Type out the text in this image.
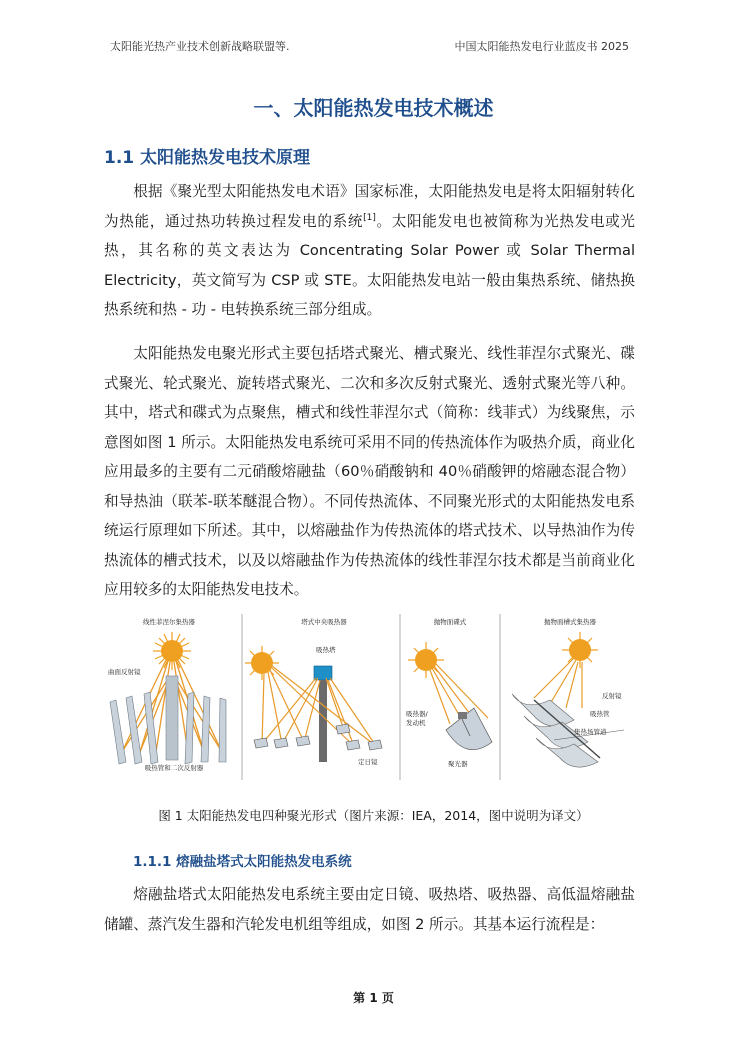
太阳能光热产业技术创新战略联盟等.	中国太阳能热发电行业蓝皮书 2025
一、太阳能热发电技术概述
1.1 太阳能热发电技术原理

根据《聚光型太阳能热发电术语》国家标准，太阳能热发电是将太阳辐射转化为热能，通过热功转换过程发电的系统[1]。太阳能发电也被简称为光热发电或光热，其名称的英文表达为 Concentrating Solar Power 或 Solar Thermal Electricity，英文简写为 CSP 或 STE。太阳能热发电站一般由集热系统、储热换热系统和热 - 功 - 电转换系统三部分组成。

太阳能热发电聚光形式主要包括塔式聚光、槽式聚光、线性菲涅尔式聚光、碟式聚光、轮式聚光、旋转塔式聚光、二次和多次反射式聚光、透射式聚光等八种。其中，塔式和碟式为点聚焦，槽式和线性菲涅尔式（简称：线菲式）为线聚焦，示意图如图 1 所示。太阳能热发电系统可采用不同的传热流体作为吸热介质，商业化应用最多的主要有二元硝酸熔融盐（60％硝酸钠和 40％硝酸钾的熔融态混合物）和导热油（联苯-联苯醚混合物）。不同传热流体、不同聚光形式的太阳能热发电系统运行原理如下所述。其中，以熔融盐作为传热流体的塔式技术、以导热油作为传热流体的槽式技术，以及以熔融盐作为传热流体的线性菲涅尔技术都是当前商业化应用较多的太阳能热发电技术。

线性菲涅尔集热器
曲面反射镜
吸热管和二次反射器
塔式中央吸热器
吸热塔
定日镜
抛物面碟式
吸热器/
发动机
聚光器
抛物面槽式集热器
反射镜
吸热管
集热场管道
图 1 太阳能热发电四种聚光形式（图片来源：IEA，2014，图中说明为译文）
1.1.1 熔融盐塔式太阳能热发电系统

熔融盐塔式太阳能热发电系统主要由定日镜、吸热塔、吸热器、高低温熔融盐储罐、蒸汽发生器和汽轮发电机组等组成，如图 2 所示。其基本运行流程是：

第 1 页
